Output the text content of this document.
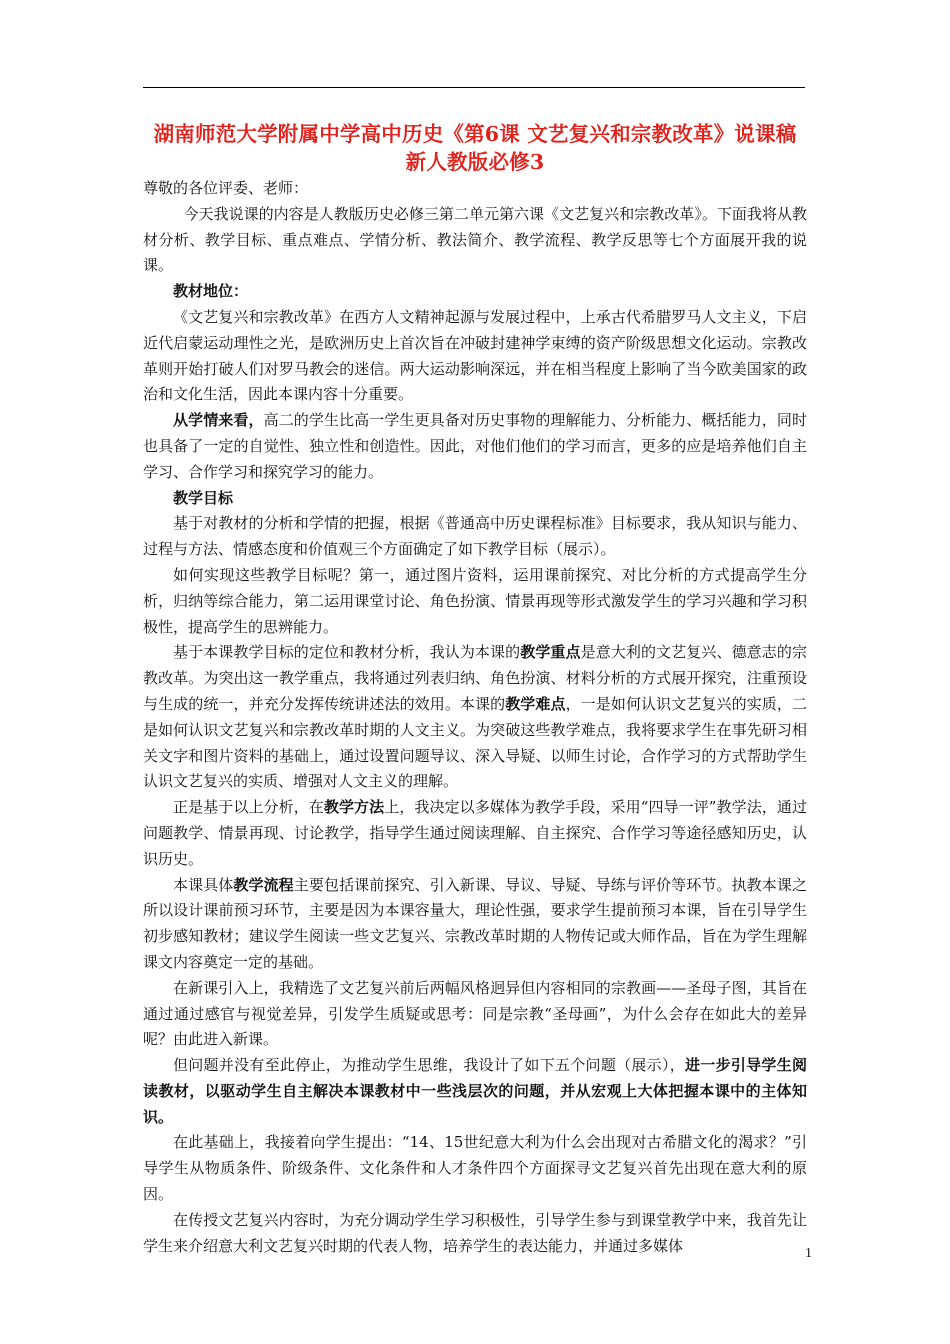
湖南师范大学附属中学高中历史《第6课 文艺复兴和宗教改革》说课稿 新人教版必修3

尊敬的各位评委、老师：

今天我说课的内容是人教版历史必修三第二单元第六课《文艺复兴和宗教改革》。下面我将从教材分析、教学目标、重点难点、学情分析、教法简介、教学流程、教学反思等七个方面展开我的说课。

教材地位：

《文艺复兴和宗教改革》在西方人文精神起源与发展过程中，上承古代希腊罗马人文主义，下启近代启蒙运动理性之光，是欧洲历史上首次旨在冲破封建神学束缚的资产阶级思想文化运动。宗教改革则开始打破人们对罗马教会的迷信。两大运动影响深远，并在相当程度上影响了当今欧美国家的政治和文化生活，因此本课内容十分重要。

从学情来看，高二的学生比高一学生更具备对历史事物的理解能力、分析能力、概括能力，同时也具备了一定的自觉性、独立性和创造性。因此，对他们他们的学习而言，更多的应是培养他们自主学习、合作学习和探究学习的能力。

教学目标

基于对教材的分析和学情的把握，根据《普通高中历史课程标准》目标要求，我从知识与能力、过程与方法、情感态度和价值观三个方面确定了如下教学目标（展示）。

如何实现这些教学目标呢？第一，通过图片资料，运用课前探究、对比分析的方式提高学生分析，归纳等综合能力，第二运用课堂讨论、角色扮演、情景再现等形式激发学生的学习兴趣和学习积极性，提高学生的思辨能力。

基于本课教学目标的定位和教材分析，我认为本课的教学重点是意大利的文艺复兴、德意志的宗教改革。为突出这一教学重点，我将通过列表归纳、角色扮演、材料分析的方式展开探究，注重预设与生成的统一，并充分发挥传统讲述法的效用。本课的教学难点，一是如何认识文艺复兴的实质，二是如何认识文艺复兴和宗教改革时期的人文主义。为突破这些教学难点，我将要求学生在事先研习相关文字和图片资料的基础上，通过设置问题导议、深入导疑、以师生讨论，合作学习的方式帮助学生认识文艺复兴的实质、增强对人文主义的理解。

正是基于以上分析，在教学方法上，我决定以多媒体为教学手段，采用“四导一评”教学法，通过问题教学、情景再现、讨论教学，指导学生通过阅读理解、自主探究、合作学习等途径感知历史，认识历史。

本课具体教学流程主要包括课前探究、引入新课、导议、导疑、导练与评价等环节。执教本课之所以设计课前预习环节，主要是因为本课容量大，理论性强，要求学生提前预习本课，旨在引导学生初步感知教材；建议学生阅读一些文艺复兴、宗教改革时期的人物传记或大师作品，旨在为学生理解课文内容奠定一定的基础。

在新课引入上，我精选了文艺复兴前后两幅风格迥异但内容相同的宗教画——圣母子图，其旨在通过通过感官与视觉差异，引发学生质疑或思考：同是宗教“圣母画”，为什么会存在如此大的差异呢？由此进入新课。

但问题并没有至此停止，为推动学生思维，我设计了如下五个问题（展示），进一步引导学生阅读教材，以驱动学生自主解决本课教材中一些浅层次的问题，并从宏观上大体把握本课中的主体知识。

在此基础上，我接着向学生提出：“14、15世纪意大利为什么会出现对古希腊文化的渴求？”引导学生从物质条件、阶级条件、文化条件和人才条件四个方面探寻文艺复兴首先出现在意大利的原因。

在传授文艺复兴内容时，为充分调动学生学习积极性，引导学生参与到课堂教学中来，我首先让学生来介绍意大利文艺复兴时期的代表人物，培养学生的表达能力，并通过多媒体	1
